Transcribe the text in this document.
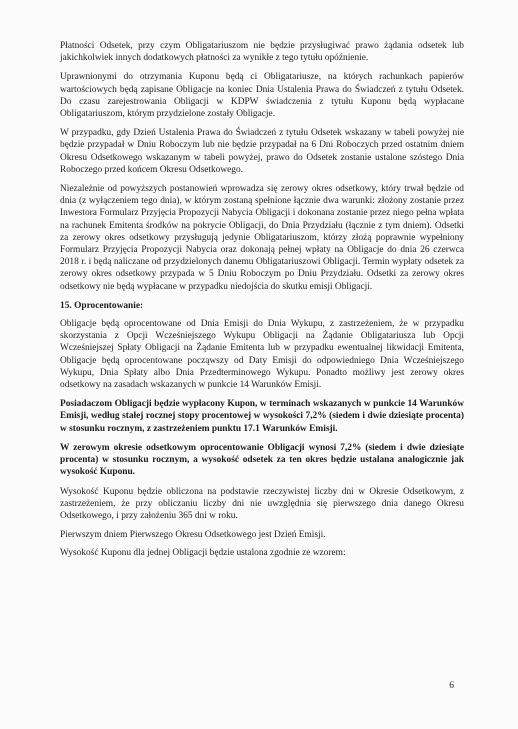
Płatności Odsetek, przy czym Obligatariuszom nie będzie przysługiwać prawo żądania odsetek lub jakichkolwiek innych dodatkowych płatności za wynikłe z tego tytułu opóźnienie.

Uprawnionymi do otrzymania Kuponu będą ci Obligatariusze, na których rachunkach papierów wartościowych będą zapisane Obligacje na koniec Dnia Ustalenia Prawa do Świadczeń z tytułu Odsetek. Do czasu zarejestrowania Obligacji w KDPW świadczenia z tytułu Kuponu będą wypłacane Obligatariuszom, którym przydzielone zostały Obligacje.

W przypadku, gdy Dzień Ustalenia Prawa do Świadczeń z tytułu Odsetek wskazany w tabeli powyżej nie będzie przypadał w Dniu Roboczym lub nie będzie przypadał na 6 Dni Roboczych przed ostatnim dniem Okresu Odsetkowego wskazanym w tabeli powyżej, prawo do Odsetek zostanie ustalone szóstego Dnia Roboczego przed końcem Okresu Odsetkowego.

Niezależnie od powyższych postanowień wprowadza się zerowy okres odsetkowy, który trwał będzie od dnia (z wyłączeniem tego dnia), w którym zostaną spełnione łącznie dwa warunki: złożony zostanie przez Inwestora Formularz Przyjęcia Propozycji Nabycia Obligacji i dokonana zostanie przez niego pełna wpłata na rachunek Emitenta środków na pokrycie Obligacji, do Dnia Przydziału (łącznie z tym dniem). Odsetki za zerowy okres odsetkowy przysługują jedynie Obligatariuszom, którzy złożą poprawnie wypełniony Formularz Przyjęcia Propozycji Nabycia oraz dokonają pełnej wpłaty na Obligacje do dnia 26 czerwca 2018 r. i będą naliczane od przydzielonych danemu Obligatariuszowi Obligacji. Termin wypłaty odsetek za zerowy okres odsetkowy przypada w 5 Dniu Roboczym po Dniu Przydziału. Odsetki za zerowy okres odsetkowy nie będą wypłacane w przypadku niedojścia do skutku emisji Obligacji.

15. Oprocentowanie:

Obligacje będą oprocentowane od Dnia Emisji do Dnia Wykupu, z zastrzeżeniem, że w przypadku skorzystania z Opcji Wcześniejszego Wykupu Obligacji na Żądanie Obligatariusza lub Opcji Wcześniejszej Spłaty Obligacji na Żądanie Emitenta lub w przypadku ewentualnej likwidacji Emitenta, Obligacje będą oprocentowane począwszy od Daty Emisji do odpowiedniego Dnia Wcześniejszego Wykupu, Dnia Spłaty albo Dnia Przedterminowego Wykupu. Ponadto możliwy jest zerowy okres odsetkowy na zasadach wskazanych w punkcie 14 Warunków Emisji.

Posiadaczom Obligacji będzie wypłacony Kupon, w terminach wskazanych w punkcie 14 Warunków Emisji, według stałej rocznej stopy procentowej w wysokości 7,2% (siedem i dwie dziesiąte procenta) w stosunku rocznym, z zastrzeżeniem punktu 17.1 Warunków Emisji.

W zerowym okresie odsetkowym oprocentowanie Obligacji wynosi 7,2% (siedem i dwie dziesiąte procenta) w stosunku rocznym, a wysokość odsetek za ten okres będzie ustalana analogicznie jak wysokość Kuponu.

Wysokość Kuponu będzie obliczona na podstawie rzeczywistej liczby dni w Okresie Odsetkowym, z zastrzeżeniem, że przy obliczaniu liczby dni nie uwzględnia się pierwszego dnia danego Okresu Odsetkowego, i przy założeniu 365 dni w roku.

Pierwszym dniem Pierwszego Okresu Odsetkowego jest Dzień Emisji.

Wysokość Kuponu dla jednej Obligacji będzie ustalona zgodnie ze wzorem:

6
